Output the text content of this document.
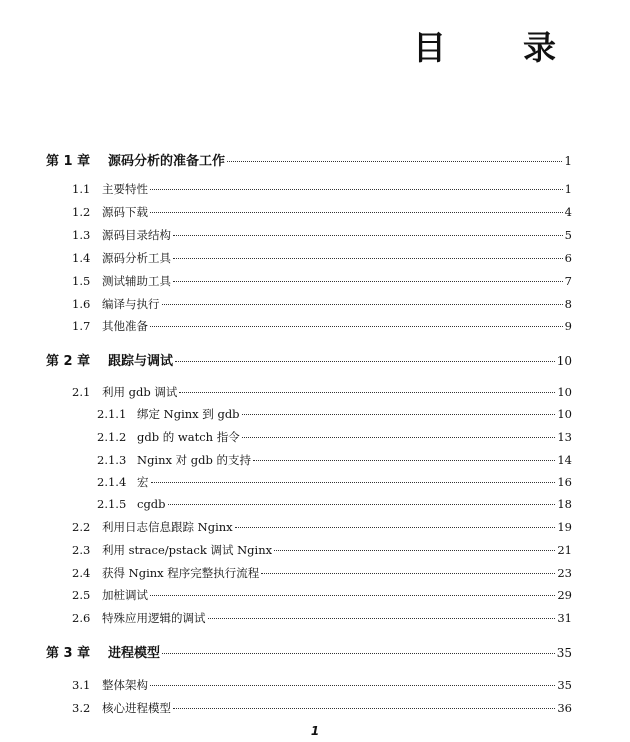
目　录
第 1 章	源码分析的准备工作	1
1.1	主要特性	1
1.2	源码下载	4
1.3	源码目录结构	5
1.4	源码分析工具	6
1.5	测试辅助工具	7
1.6	编译与执行	8
1.7	其他准备	9
第 2 章	跟踪与调试	10
2.1	利用 gdb 调试	10
2.1.1 绑定 Nginx 到 gdb	10
2.1.2 gdb 的 watch 指令	13
2.1.3 Nginx 对 gdb 的支持	14
2.1.4 宏	16
2.1.5 cgdb	18
2.2	利用日志信息跟踪 Nginx	19
2.3	利用 strace/pstack 调试 Nginx	21
2.4	获得 Nginx 程序完整执行流程	23
2.5	加桩调试	29
2.6	特殊应用逻辑的调试	31
第 3 章	进程模型	35
3.1	整体架构	35
3.2	核心进程模型	36
1
